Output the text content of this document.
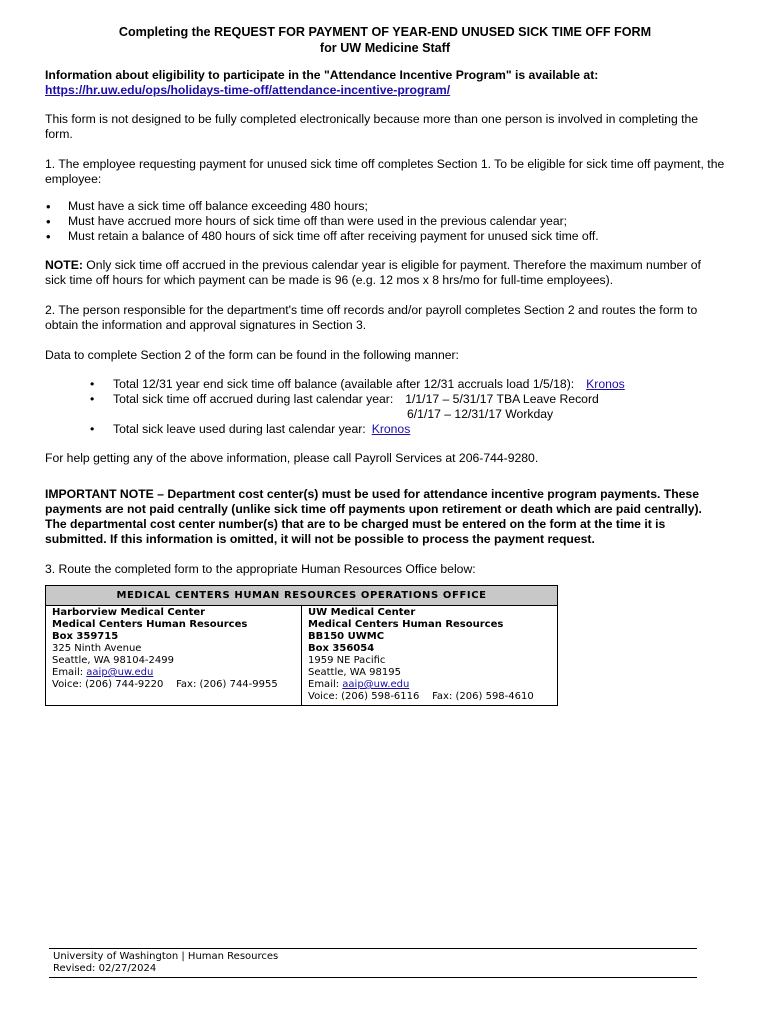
Completing the REQUEST FOR PAYMENT OF YEAR-END UNUSED SICK TIME OFF FORM
for UW Medicine Staff
Information about eligibility to participate in the "Attendance Incentive Program" is available at:
https://hr.uw.edu/ops/holidays-time-off/attendance-incentive-program/

This form is not designed to be fully completed electronically because more than one person is involved in completing the form.

1. The employee requesting payment for unused sick time off completes Section 1. To be eligible for sick time off payment, the employee:

• Must have a sick time off balance exceeding 480 hours;
• Must have accrued more hours of sick time off than were used in the previous calendar year;
• Must retain a balance of 480 hours of sick time off after receiving payment for unused sick time off.

NOTE: Only sick time off accrued in the previous calendar year is eligible for payment. Therefore the maximum number of sick time off hours for which payment can be made is 96 (e.g. 12 mos x 8 hrs/mo for full-time employees).

2. The person responsible for the department's time off records and/or payroll completes Section 2 and routes the form to obtain the information and approval signatures in Section 3.

Data to complete Section 2 of the form can be found in the following manner:

• Total 12/31 year end sick time off balance (available after 12/31 accruals load 1/5/18): Kronos
• Total sick time off accrued during last calendar year: 1/1/17 – 5/31/17 TBA Leave Record
6/1/17 – 12/31/17 Workday
• Total sick leave used during last calendar year: Kronos

For help getting any of the above information, please call Payroll Services at 206-744-9280.

IMPORTANT NOTE – Department cost center(s) must be used for attendance incentive program payments. These payments are not paid centrally (unlike sick time off payments upon retirement or death which are paid centrally). The departmental cost center number(s) that are to be charged must be entered on the form at the time it is submitted. If this information is omitted, it will not be possible to process the payment request.

3. Route the completed form to the appropriate Human Resources Office below:

MEDICAL CENTERS HUMAN RESOURCES OPERATIONS OFFICE

Harborview Medical Center
Medical Centers Human Resources
Box 359715
325 Ninth Avenue
Seattle, WA 98104-2499
Email: aaip@uw.edu
Voice: (206) 744-9220    Fax: (206) 744-9955

UW Medical Center
Medical Centers Human Resources
BB150 UWMC
Box 356054
1959 NE Pacific
Seattle, WA 98195
Email: aaip@uw.edu
Voice: (206) 598-6116    Fax: (206) 598-4610
University of Washington | Human Resources
Revised: 02/27/2024
